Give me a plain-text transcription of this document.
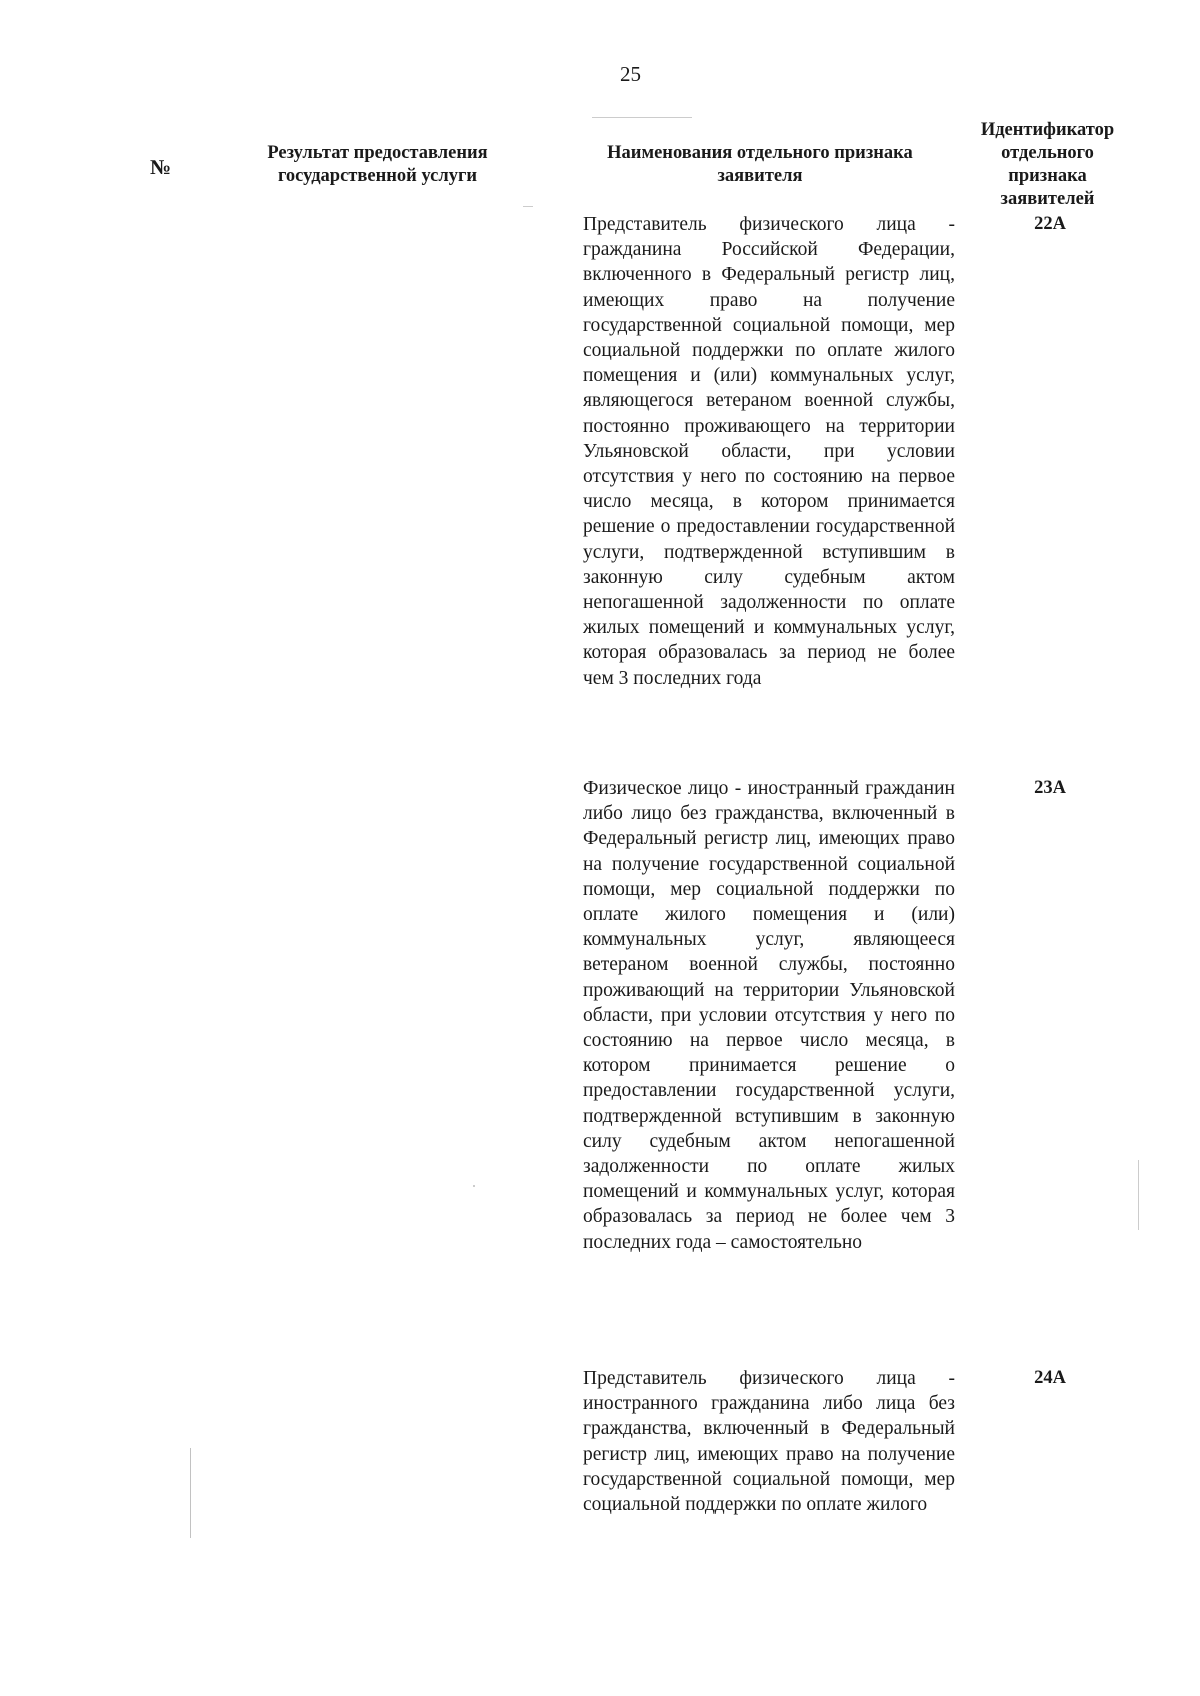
25
№
Результат предоставления государственной услуги
Наименования отдельного признака заявителя
Идентификатор отдельного признака заявителей

Представитель физического лица - гражданина Российской Федерации, включенного в Федеральный регистр лиц, имеющих право на получение государственной социальной помощи, мер социальной поддержки по оплате жилого помещения и (или) коммунальных услуг, являющегося ветераном военной службы, постоянно проживающего на территории Ульяновской области, при условии отсутствия у него по состоянию на первое число месяца, в котором принимается решение о предоставлении государственной услуги, подтвержденной вступившим в законную силу судебным актом непогашенной задолженности по оплате жилых помещений и коммунальных услуг, которая образовалась за период не более чем 3 последних года

22А

Физическое лицо - иностранный гражданин либо лицо без гражданства, включенный в Федеральный регистр лиц, имеющих право на получение государственной социальной помощи, мер социальной поддержки по оплате жилого помещения и (или) коммунальных услуг, являющееся ветераном военной службы, постоянно проживающий на территории Ульяновской области, при условии отсутствия у него по состоянию на первое число месяца, в котором принимается решение о предоставлении государственной услуги, подтвержденной вступившим в законную силу судебным актом непогашенной задолженности по оплате жилых помещений и коммунальных услуг, которая образовалась за период не более чем 3 последних года – самостоятельно

23А

Представитель физического лица - иностранного гражданина либо лица без гражданства, включенный в Федеральный регистр лиц, имеющих право на получение государственной социальной помощи, мер социальной поддержки по оплате жилого

24А
